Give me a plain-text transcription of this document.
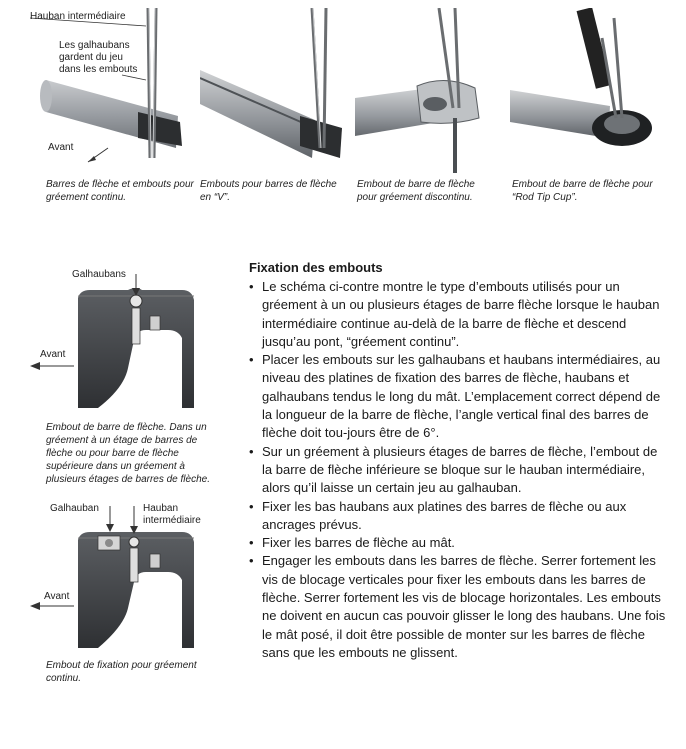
Hauban intermédiaire
Les galhaubans
gardent du jeu
dans les embouts
Avant
Barres de flèche et embouts pour gréement continu.
Embouts pour barres de flèche en “V”.
Embout de barre de flèche pour gréement discontinu.
Embout de barre de flèche pour “Rod Tip Cup”.
Galhaubans
Avant
Embout de barre de flèche. Dans un gréement à un étage de barres de flèche ou pour barre de flèche supérieure dans un gréement à plusieurs étages de barres de flèche.
Galhauban	Hauban
intermédiaire
Avant
Embout de fixation pour gréement continu.
Fixation des embouts
• Le schéma ci-contre montre le type d’embouts utilisés pour un gréement à un ou plusieurs étages de barre flèche lorsque le hauban intermédiaire continue au-delà de la barre de flèche et descend jusqu’au pont, “gréement continu”.
• Placer les embouts sur les galhaubans et haubans intermédiaires, au niveau des platines de fixation des barres de flèche, haubans et galhaubans tendus le long du mât. L’emplacement correct dépend de la longueur de la barre de flèche, l’angle vertical final des barres de flèche doit tou-jours être de 6°.
• Sur un gréement à plusieurs étages de barres de flèche, l’embout de la barre de flèche inférieure se bloque sur le hauban intermédiaire, alors qu’il laisse un certain jeu au galhauban.
• Fixer les bas haubans aux platines des barres de flèche ou aux ancrages prévus.
• Fixer les barres de flèche au mât.
• Engager les embouts dans les barres de flèche. Serrer fortement les vis de blocage verticales pour fixer les embouts dans les barres de flèche. Serrer fortement les vis de blocage horizontales. Les embouts ne doivent en aucun cas pouvoir glisser le long des haubans. Une fois le mât posé, il doit être possible de monter sur les barres de flèche sans que les embouts ne glissent.
